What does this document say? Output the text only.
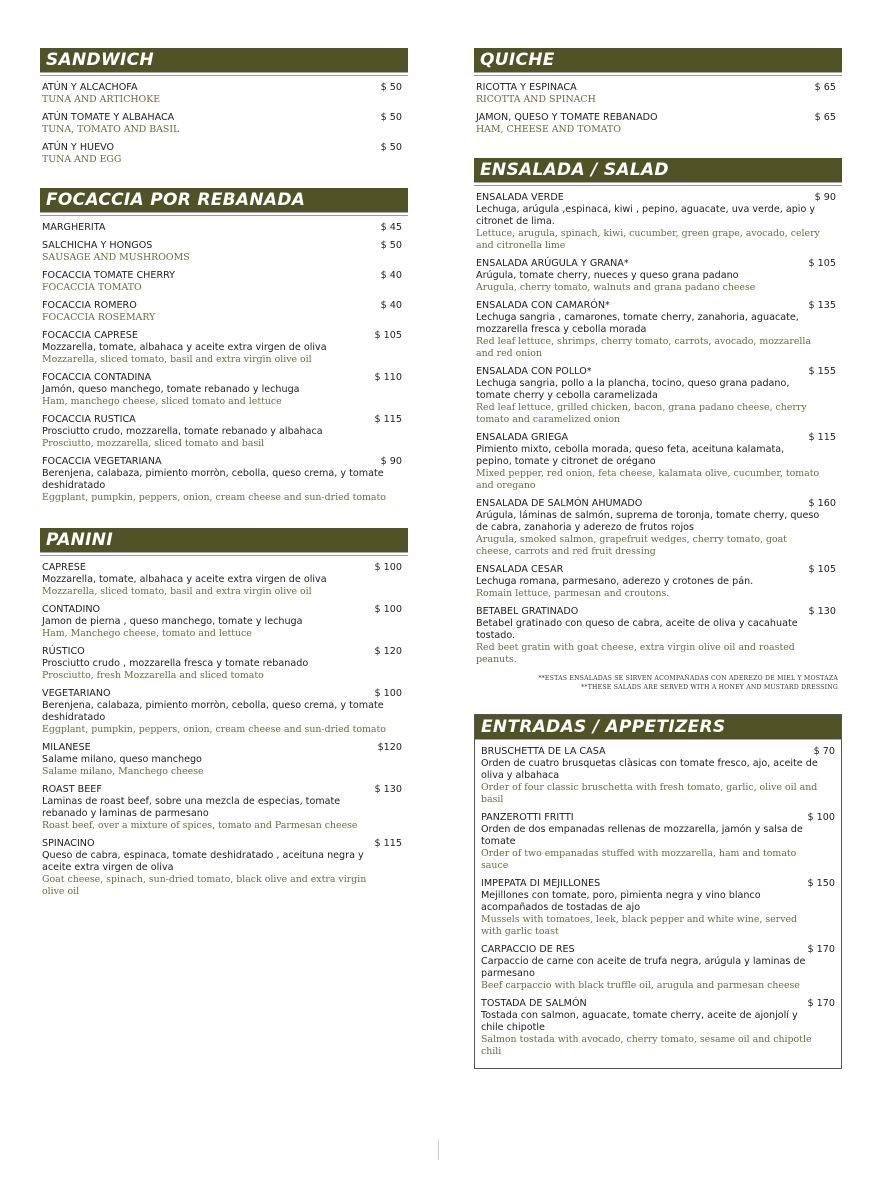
SANDWICH
ATÚN Y ALCACHOFA	$ 50
TUNA AND ARTICHOKE
ATÚN TOMATE Y ALBAHACA	$ 50
TUNA, TOMATO AND BASIL
ATÚN Y HUEVO	$ 50
TUNA AND EGG
FOCACCIA POR REBANADA
MARGHERITA	$ 45
SALCHICHA Y HONGOS	$ 50
SAUSAGE AND MUSHROOMS
FOCACCIA TOMATE CHERRY	$ 40
FOCACCIA TOMATO
FOCACCIA ROMERO	$ 40
FOCACCIA ROSEMARY
FOCACCIA CAPRESE	$ 105
Mozzarella, tomate, albahaca y aceite extra virgen de oliva
Mozzarella, sliced tomato, basil and extra virgin olive oil
FOCACCIA CONTADINA	$ 110
Jamón, queso manchego, tomate rebanado y lechuga
Ham, manchego cheese, sliced tomato and lettuce
FOCACCIA RUSTICA	$ 115
Prosciutto crudo, mozzarella, tomate rebanado y albahaca
Prosciutto, mozzarella, sliced tomato and basil
FOCACCIA VEGETARIANA	$ 90
Berenjena, calabaza, pimiento morròn, cebolla, queso crema, y tomate deshidratado
Eggplant, pumpkin, peppers, onion, cream cheese and sun-dried tomato
PANINI
CAPRESE	$ 100
Mozzarella, tomate, albahaca y aceite extra virgen de oliva
Mozzarella, sliced tomato, basil and extra virgin olive oil
CONTADINO	$ 100
Jamon de pierna , queso manchego, tomate y lechuga
Ham, Manchego cheese, tomato and lettuce
RÚSTICO	$ 120
Prosciutto crudo , mozzarella fresca y tomate rebanado
Prosciutto, fresh Mozzarella and sliced tomato
VEGETARIANO	$ 100
Berenjena, calabaza, pimiento morròn, cebolla, queso crema, y tomate deshidratado
Eggplant, pumpkin, peppers, onion, cream cheese and sun-dried tomato
MILANESE	$120
Salame milano, queso manchego
Salame milano, Manchego cheese
ROAST BEEF	$ 130
Laminas de roast beef, sobre una mezcla de especias, tomate rebanado y laminas de parmesano
Roast beef, over a mixture of spices, tomato and Parmesan cheese
SPINACINO	$ 115
Queso de cabra, espinaca, tomate deshidratado , aceituna negra y aceite extra virgen de oliva
Goat cheese, spinach, sun-dried tomato, black olive and extra virgin olive oil
QUICHE
RICOTTA Y ESPINACA	$ 65
RICOTTA AND SPINACH
JAMON, QUESO Y TOMATE REBANADO	$ 65
HAM, CHEESE AND TOMATO
ENSALADA / SALAD
ENSALADA VERDE	$ 90
Lechuga, arúgula ,espinaca, kiwi , pepino, aguacate, uva verde, apio y citronet de lima.
Lettuce, arugula, spinach, kiwi, cucumber, green grape, avocado, celery and citronella lime
ENSALADA ARÚGULA Y GRANA*	$ 105
Arúgula, tomate cherry, nueces y queso grana padano
Arugula, cherry tomato, walnuts and grana padano cheese
ENSALADA CON CAMARÓN*	$ 135
Lechuga sangria , camarones, tomate cherry, zanahoria, aguacate, mozzarella fresca y cebolla morada
Red leaf lettuce, shrimps, cherry tomato, carrots, avocado, mozzarella and red onion
ENSALADA CON POLLO*	$ 155
Lechuga sangria, pollo a la plancha, tocino, queso grana padano, tomate cherry y cebolla caramelizada
Red leaf lettuce, grilled chicken, bacon, grana padano cheese, cherry tomato and caramelized onion
ENSALADA GRIEGA	$ 115
Pimiento mixto, cebolla morada, queso feta, aceituna kalamata, pepino, tomate y citronet de orégano
Mixed pepper, red onion, feta cheese, kalamata olive, cucumber, tomato and oregano
ENSALADA DE SALMÓN AHUMADO	$ 160
Arúgula, láminas de salmón, suprema de toronja, tomate cherry, queso de cabra, zanahoria y aderezo de frutos rojos
Arugula, smoked salmon, grapefruit wedges, cherry tomato, goat cheese, carrots and red fruit dressing
ENSALADA CESAR	$ 105
Lechuga romana, parmesano, aderezo y crotones de pán.
Romain lettuce, parmesan and croutons.
BETABEL GRATINADO	$ 130
Betabel gratinado con queso de cabra, aceite de oliva y cacahuate tostado.
Red beet gratin with goat cheese, extra virgin olive oil and roasted peanuts.
**ESTAS ENSALADAS SE SIRVEN ACOMPAÑADAS CON ADEREZO DE MIEL Y MOSTAZA
**THESE SALADS ARE SERVED WITH A HONEY AND MUSTARD DRESSING
ENTRADAS / APPETIZERS
BRUSCHETTA DE LA CASA	$ 70
Orden de cuatro brusquetas clàsicas con tomate fresco, ajo, aceite de oliva y albahaca
Order of four classic bruschetta with fresh tomato, garlic, olive oil and basil
PANZEROTTI FRITTI	$ 100
Orden de dos empanadas rellenas de mozzarella, jamón y salsa de tomate
Order of two empanadas stuffed with mozzarella, ham and tomato sauce
IMPEPATA DI MEJILLONES	$ 150
Mejillones con tomate, poro, pimienta negra y vino blanco acompañados de tostadas de ajo
Mussels with tomatoes, leek, black pepper and white wine, served with garlic toast
CARPACCIO DE RES	$ 170
Carpaccio de carne con aceite de trufa negra, arúgula y laminas de parmesano
Beef carpaccio with black truffle oil, arugula and parmesan cheese
TOSTADA DE SALMÓN	$ 170
Tostada con salmon, aguacate, tomate cherry, aceite de ajonjolí y chile chipotle
Salmon tostada with avocado, cherry tomato, sesame oil and chipotle chili
